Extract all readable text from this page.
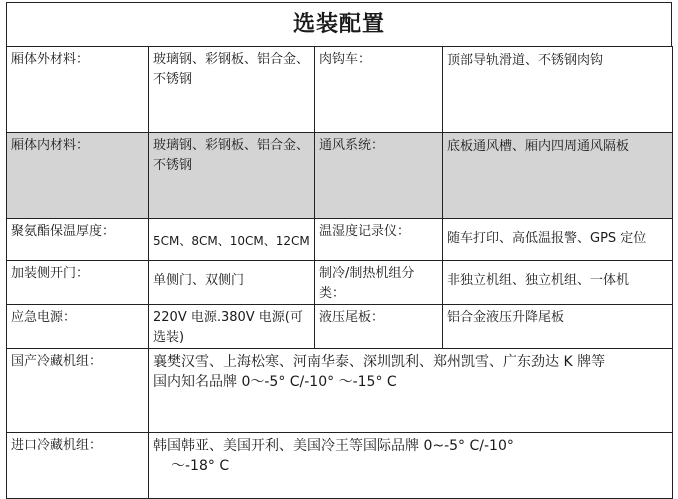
选装配置
厢体外材料：	玻璃钢、彩钢板、铝合金、不锈钢	肉钩车：	顶部导轨滑道、不锈钢肉钩
厢体内材料：	玻璃钢、彩钢板、铝合金、不锈钢	通风系统：	底板通风槽、厢内四周通风隔板
聚氨酯保温厚度：	5CM、8CM、10CM、12CM	温湿度记录仪：	随车打印、高低温报警、GPS 定位
加装侧开门：	单侧门、双侧门	制冷/制热机组分类：	非独立机组、独立机组、一体机
应急电源：	220V 电源.380V 电源(可选装)	液压尾板：	铝合金液压升降尾板
国产冷藏机组：	襄樊汉雪、上海松寒、河南华泰、深圳凯利、郑州凯雪、广东劲达 K 牌等
国内知名品牌 0～-5° C/-10° ～-15° C		

进口冷藏机组：	韩国韩亚、美国开利、美国冷王等国际品牌 0~-5° C/-10°
～-18° C		
